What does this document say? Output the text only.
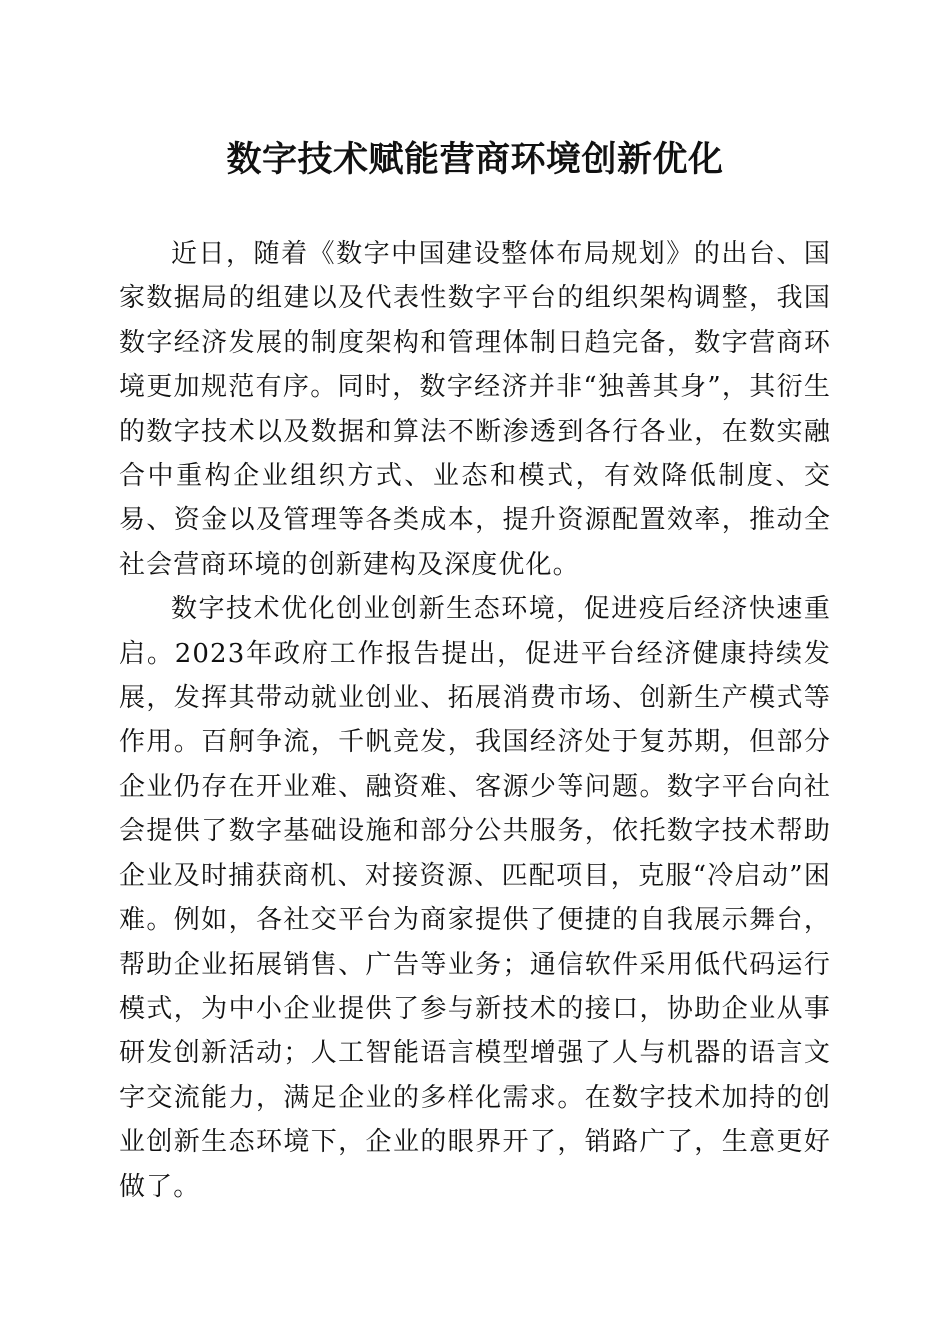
数字技术赋能营商环境创新优化

近日，随着《数字中国建设整体布局规划》的出台、国家数据局的组建以及代表性数字平台的组织架构调整，我国数字经济发展的制度架构和管理体制日趋完备，数字营商环境更加规范有序。同时，数字经济并非“独善其身”，其衍生的数字技术以及数据和算法不断渗透到各行各业，在数实融合中重构企业组织方式、业态和模式，有效降低制度、交易、资金以及管理等各类成本，提升资源配置效率，推动全社会营商环境的创新建构及深度优化。

数字技术优化创业创新生态环境，促进疫后经济快速重启。2023年政府工作报告提出，促进平台经济健康持续发展，发挥其带动就业创业、拓展消费市场、创新生产模式等作用。百舸争流，千帆竞发，我国经济处于复苏期，但部分企业仍存在开业难、融资难、客源少等问题。数字平台向社会提供了数字基础设施和部分公共服务，依托数字技术帮助企业及时捕获商机、对接资源、匹配项目，克服“冷启动”困难。例如，各社交平台为商家提供了便捷的自我展示舞台，帮助企业拓展销售、广告等业务；通信软件采用低代码运行模式，为中小企业提供了参与新技术的接口，协助企业从事研发创新活动；人工智能语言模型增强了人与机器的语言文字交流能力，满足企业的多样化需求。在数字技术加持的创业创新生态环境下，企业的眼界开了，销路广了，生意更好做了。
